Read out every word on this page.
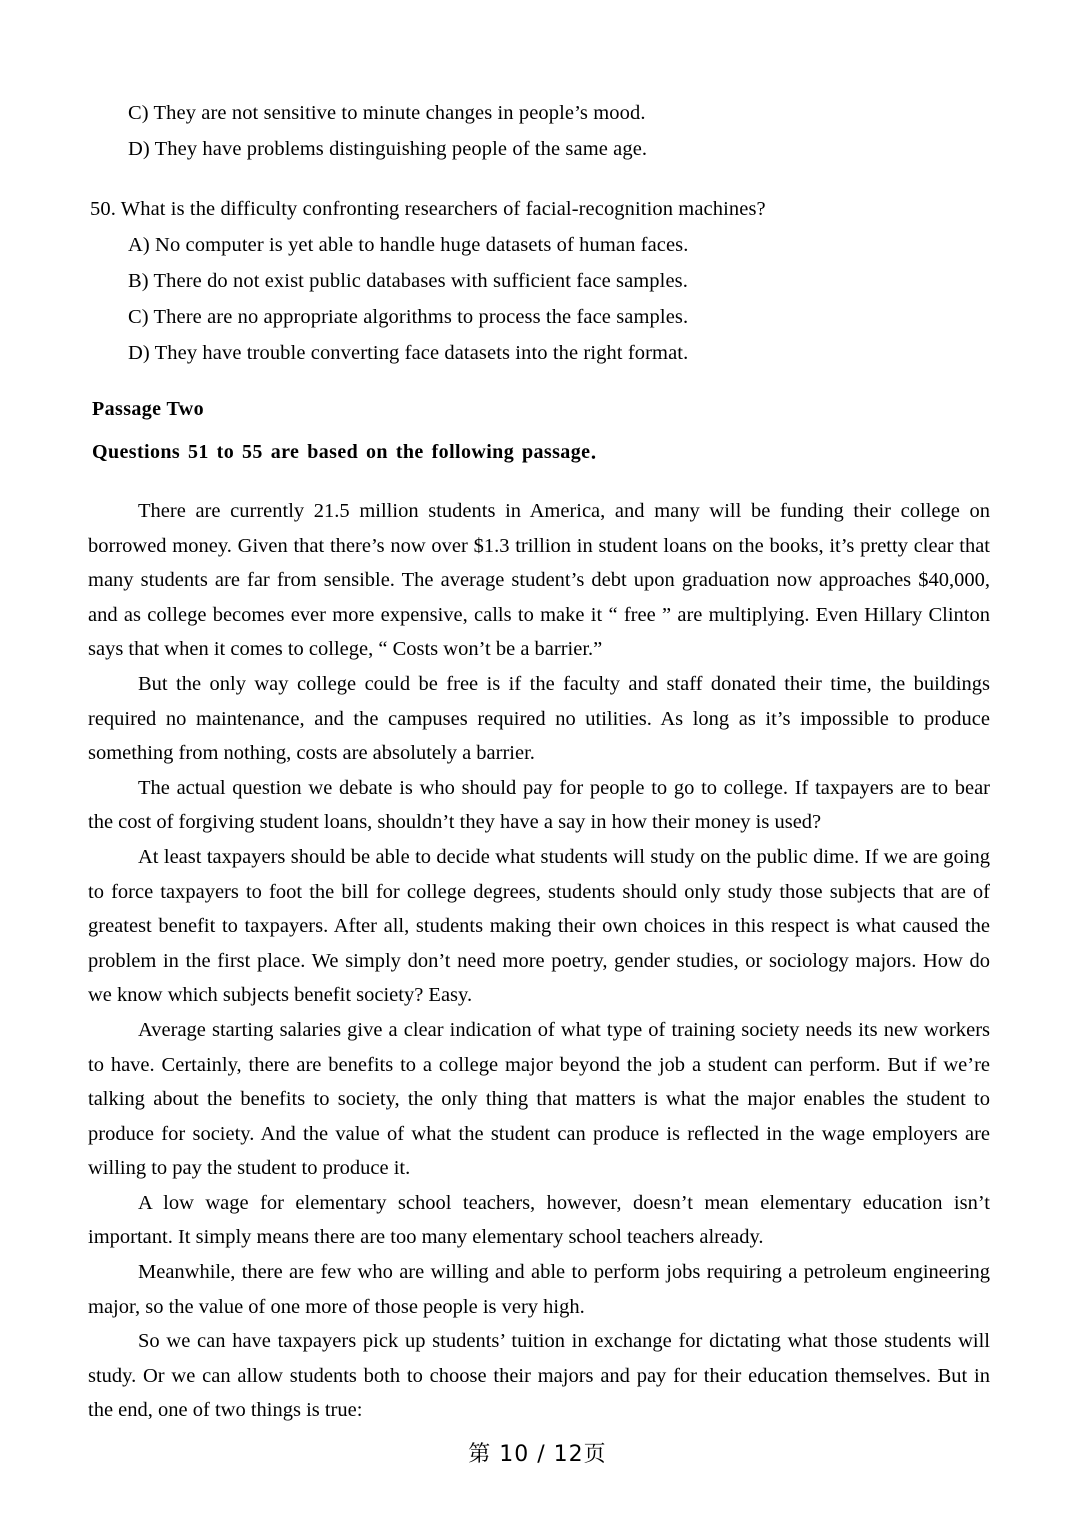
C) They are not sensitive to minute changes in people’s mood.
D) They have problems distinguishing people of the same age.
50. What is the difficulty confronting researchers of facial-recognition machines?
A) No computer is yet able to handle huge datasets of human faces.
B) There do not exist public databases with sufficient face samples.
C) There are no appropriate algorithms to process the face samples.
D) They have trouble converting face datasets into the right format.
Passage Two
Questions 51 to 55 are based on the following passage．

There are currently 21.5 million students in America, and many will be funding their college on borrowed money. Given that there’s now over $1.3 trillion in student loans on the books, it’s pretty clear that many students are far from sensible. The average student’s debt upon graduation now approaches $40,000, and as college becomes ever more expensive, calls to make it “ free ” are multiplying. Even Hillary Clinton says that when it comes to college, “ Costs won’t be a barrier.”

But the only way college could be free is if the faculty and staff donated their time, the buildings required no maintenance, and the campuses required no utilities. As long as it’s impossible to produce something from nothing, costs are absolutely a barrier.

The actual question we debate is who should pay for people to go to college. If taxpayers are to bear the cost of forgiving student loans, shouldn’t they have a say in how their money is used?

At least taxpayers should be able to decide what students will study on the public dime. If we are going to force taxpayers to foot the bill for college degrees, students should only study those subjects that are of greatest benefit to taxpayers. After all, students making their own choices in this respect is what caused the problem in the first place. We simply don’t need more poetry, gender studies, or sociology majors. How do we know which subjects benefit society? Easy.

Average starting salaries give a clear indication of what type of training society needs its new workers to have. Certainly, there are benefits to a college major beyond the job a student can perform. But if we’re talking about the benefits to society, the only thing that matters is what the major enables the student to produce for society. And the value of what the student can produce is reflected in the wage employers are willing to pay the student to produce it.

A low wage for elementary school teachers, however, doesn’t mean elementary education isn’t important. It simply means there are too many elementary school teachers already.

Meanwhile, there are few who are willing and able to perform jobs requiring a petroleum engineering major, so the value of one more of those people is very high.

So we can have taxpayers pick up students’ tuition in exchange for dictating what those students will study. Or we can allow students both to choose their majors and pay for their education themselves. But in the end, one of two things is true:

第 10 / 12页
